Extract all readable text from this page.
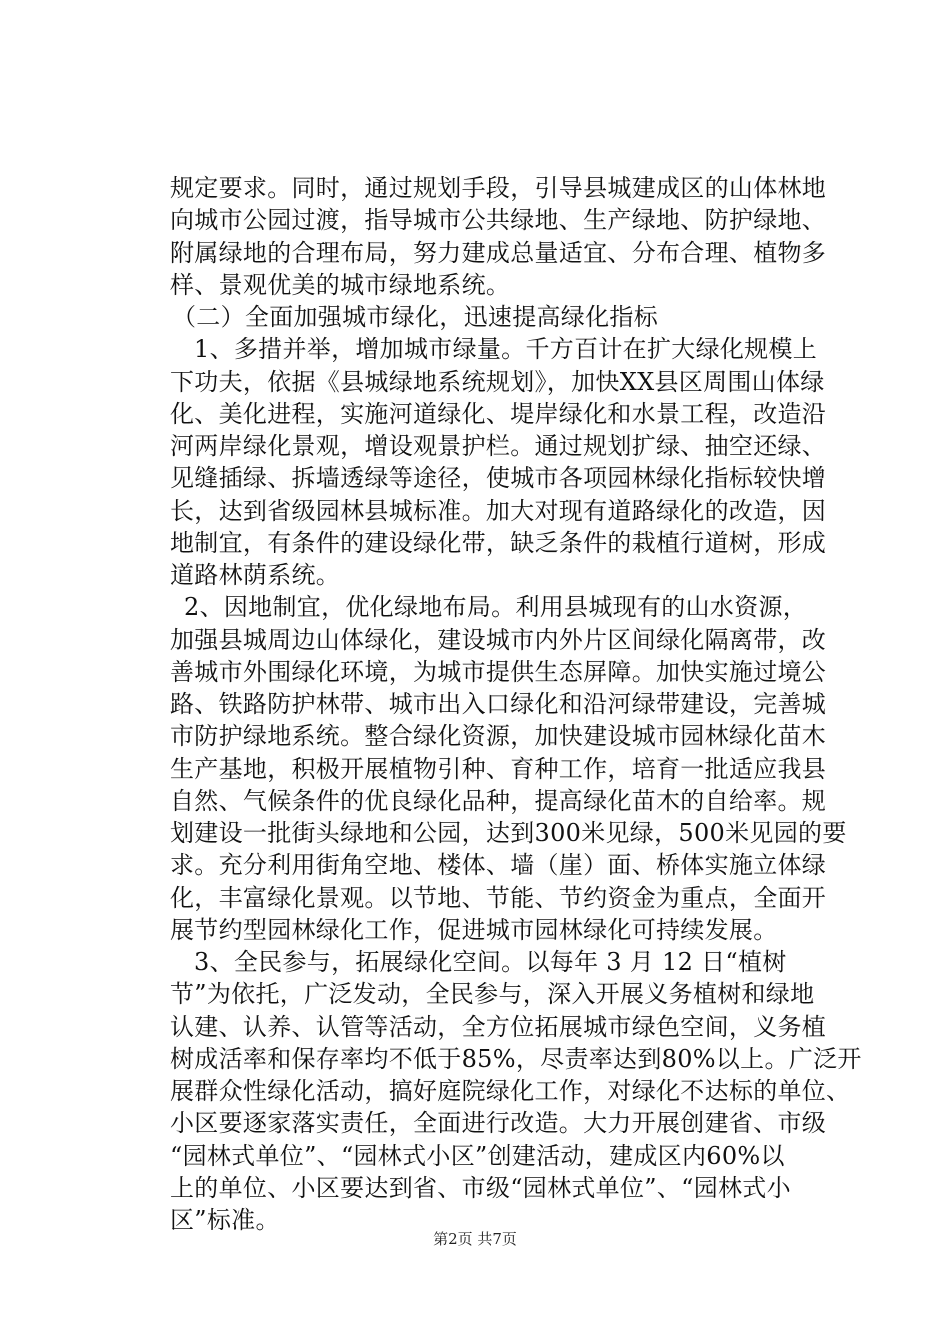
规定要求。同时，通过规划手段，引导县城建成区的山体林地
向城市公园过渡，指导城市公共绿地、生产绿地、防护绿地、
附属绿地的合理布局，努力建成总量适宜、分布合理、植物多
样、景观优美的城市绿地系统。
（二）全面加强城市绿化，迅速提高绿化指标
1、多措并举，增加城市绿量。千方百计在扩大绿化规模上
下功夫，依据《县城绿地系统规划》，加快XX县区周围山体绿
化、美化进程，实施河道绿化、堤岸绿化和水景工程，改造沿
河两岸绿化景观，增设观景护栏。通过规划扩绿、抽空还绿、
见缝插绿、拆墙透绿等途径，使城市各项园林绿化指标较快增
长，达到省级园林县城标准。加大对现有道路绿化的改造，因
地制宜，有条件的建设绿化带，缺乏条件的栽植行道树，形成
道路林荫系统。
2、因地制宜，优化绿地布局。利用县城现有的山水资源，
加强县城周边山体绿化，建设城市内外片区间绿化隔离带，改
善城市外围绿化环境，为城市提供生态屏障。加快实施过境公
路、铁路防护林带、城市出入口绿化和沿河绿带建设，完善城
市防护绿地系统。整合绿化资源，加快建设城市园林绿化苗木
生产基地，积极开展植物引种、育种工作，培育一批适应我县
自然、气候条件的优良绿化品种，提高绿化苗木的自给率。规
划建设一批街头绿地和公园，达到300米见绿，500米见园的要
求。充分利用街角空地、楼体、墙（崖）面、桥体实施立体绿
化，丰富绿化景观。以节地、节能、节约资金为重点，全面开
展节约型园林绿化工作，促进城市园林绿化可持续发展。
3、全民参与，拓展绿化空间。以每年 3 月 12 日“植树
节”为依托，广泛发动，全民参与，深入开展义务植树和绿地
认建、认养、认管等活动，全方位拓展城市绿色空间，义务植
树成活率和保存率均不低于85%，尽责率达到80%以上。广泛开
展群众性绿化活动，搞好庭院绿化工作，对绿化不达标的单位、
小区要逐家落实责任，全面进行改造。大力开展创建省、市级
“园林式单位”、“园林式小区”创建活动，建成区内60%以
上的单位、小区要达到省、市级“园林式单位”、“园林式小
区”标准。
第2页 共7页
